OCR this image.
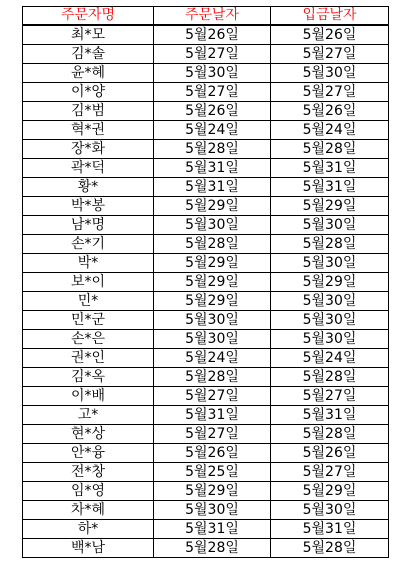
주문자명	주문날자	입금날자
최*모	5월26일	5월26일
김*솔	5월27일	5월27일
윤*혜	5월30일	5월30일
이*양	5월27일	5월27일
김*범	5월26일	5월26일
혁*권	5월24일	5월24일
장*화	5월28일	5월28일
곽*덕	5월31일	5월31일
황*	5월31일	5월31일
박*봉	5월29일	5월29일
남*명	5월30일	5월30일
손*기	5월28일	5월28일
박*	5월29일	5월30일
보*이	5월29일	5월29일
민*	5월29일	5월30일
민*군	5월30일	5월30일
손*은	5월30일	5월30일
권*인	5월24일	5월24일
김*옥	5월28일	5월28일
이*배	5월27일	5월27일
고*	5월31일	5월31일
현*상	5월27일	5월28일
안*융	5월26일	5월26일
전*창	5월25일	5월27일
임*영	5월29일	5월29일
차*혜	5월30일	5월30일
하*	5월31일	5월31일
백*남	5월28일	5월28일
